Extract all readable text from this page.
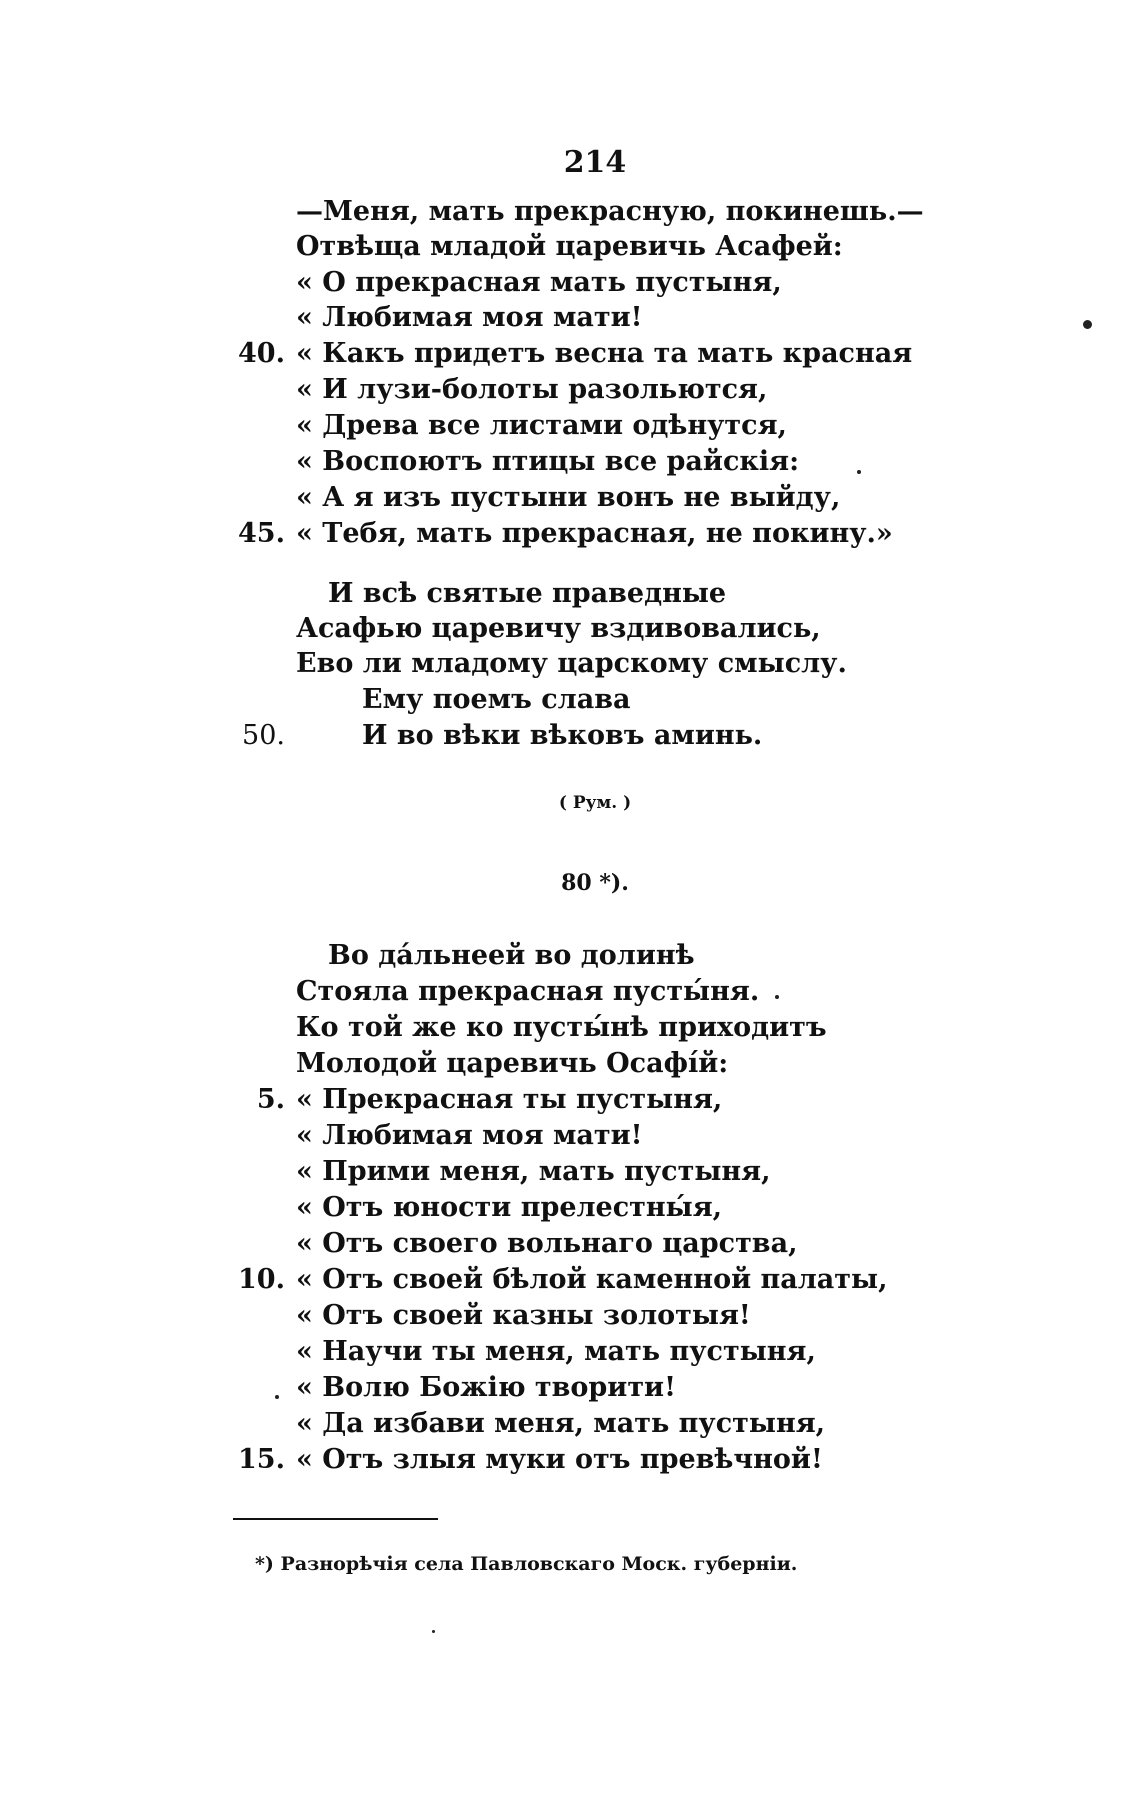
214
—Меня, мать прекрасную, покинешь.—
Отвѣща младой царевичь Асафей:
« О прекрасная мать пустыня,
« Любимая моя мати!
40. « Какъ придетъ весна та мать красная
« И лузи-болоты разольются,
« Древа все листами одѣнутся,
« Воспоютъ птицы все райскія:
« А я изъ пустыни вонъ не выйду,
45. « Тебя, мать прекрасная, не покину.»
И всѣ святые праведные
Асафью царевичу вздивовались,
Ево ли младому царскому смыслу.
Ему поемъ слава
50.	И во вѣки вѣковъ аминь.
( Рум. )
80 *).
Во дáльнеей во долинѣ
Стояла прекрасная пусты́ня.
Ко той же ко пусты́нѣ приходитъ
Молодой царевичь Осафі́й:
5. « Прекрасная ты пустыня,
« Любимая моя мати!
« Прими меня, мать пустыня,
« Отъ юности прелестны́я,
« Отъ своего вольнаго царства,
10. « Отъ своей бѣлой каменной палаты,
« Отъ своей казны золотыя!
« Научи ты меня, мать пустыня,
« Волю Божію творити!
« Да избави меня, мать пустыня,
15. « Отъ злыя муки отъ превѣчной!
*) Разнорѣчія села Павловскаго Моск. губерніи.
